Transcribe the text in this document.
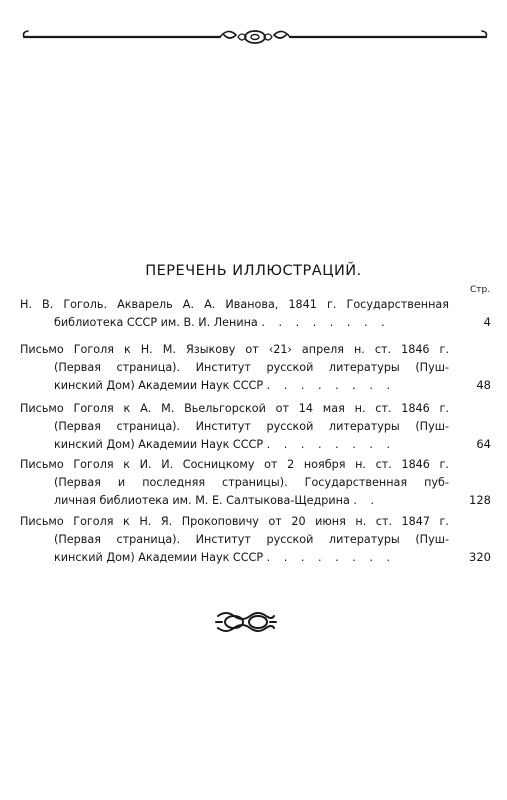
ПЕРЕЧЕНЬ ИЛЛЮСТРАЦИЙ.
Стр.
Н. В. Гоголь. Акварель А. А. Иванова, 1841 г. Государственная
библиотека СССР им. В. И. Ленина . . . . . . . .	4
Письмо Гоголя к Н. М. Языкову от ‹21› апреля н. ст. 1846 г.
(Первая страница). Институт русской литературы (Пуш-
кинский Дом) Академии Наук СССР . . . . . . . .	48
Письмо Гоголя к А. М. Вьельгорской от 14 мая н. ст. 1846 г.
(Первая страница). Институт русской литературы (Пуш-
кинский Дом) Академии Наук СССР . . . . . . . .	64
Письмо Гоголя к И. И. Сосницкому от 2 ноября н. ст. 1846 г.
(Первая и последняя страницы). Государственная пуб-
личная библиотека им. М. Е. Салтыкова-Щедрина . .	128
Письмо Гоголя к Н. Я. Прокоповичу от 20 июня н. ст. 1847 г.
(Первая страница). Институт русской литературы (Пуш-
кинский Дом) Академии Наук СССР . . . . . . . .	320
